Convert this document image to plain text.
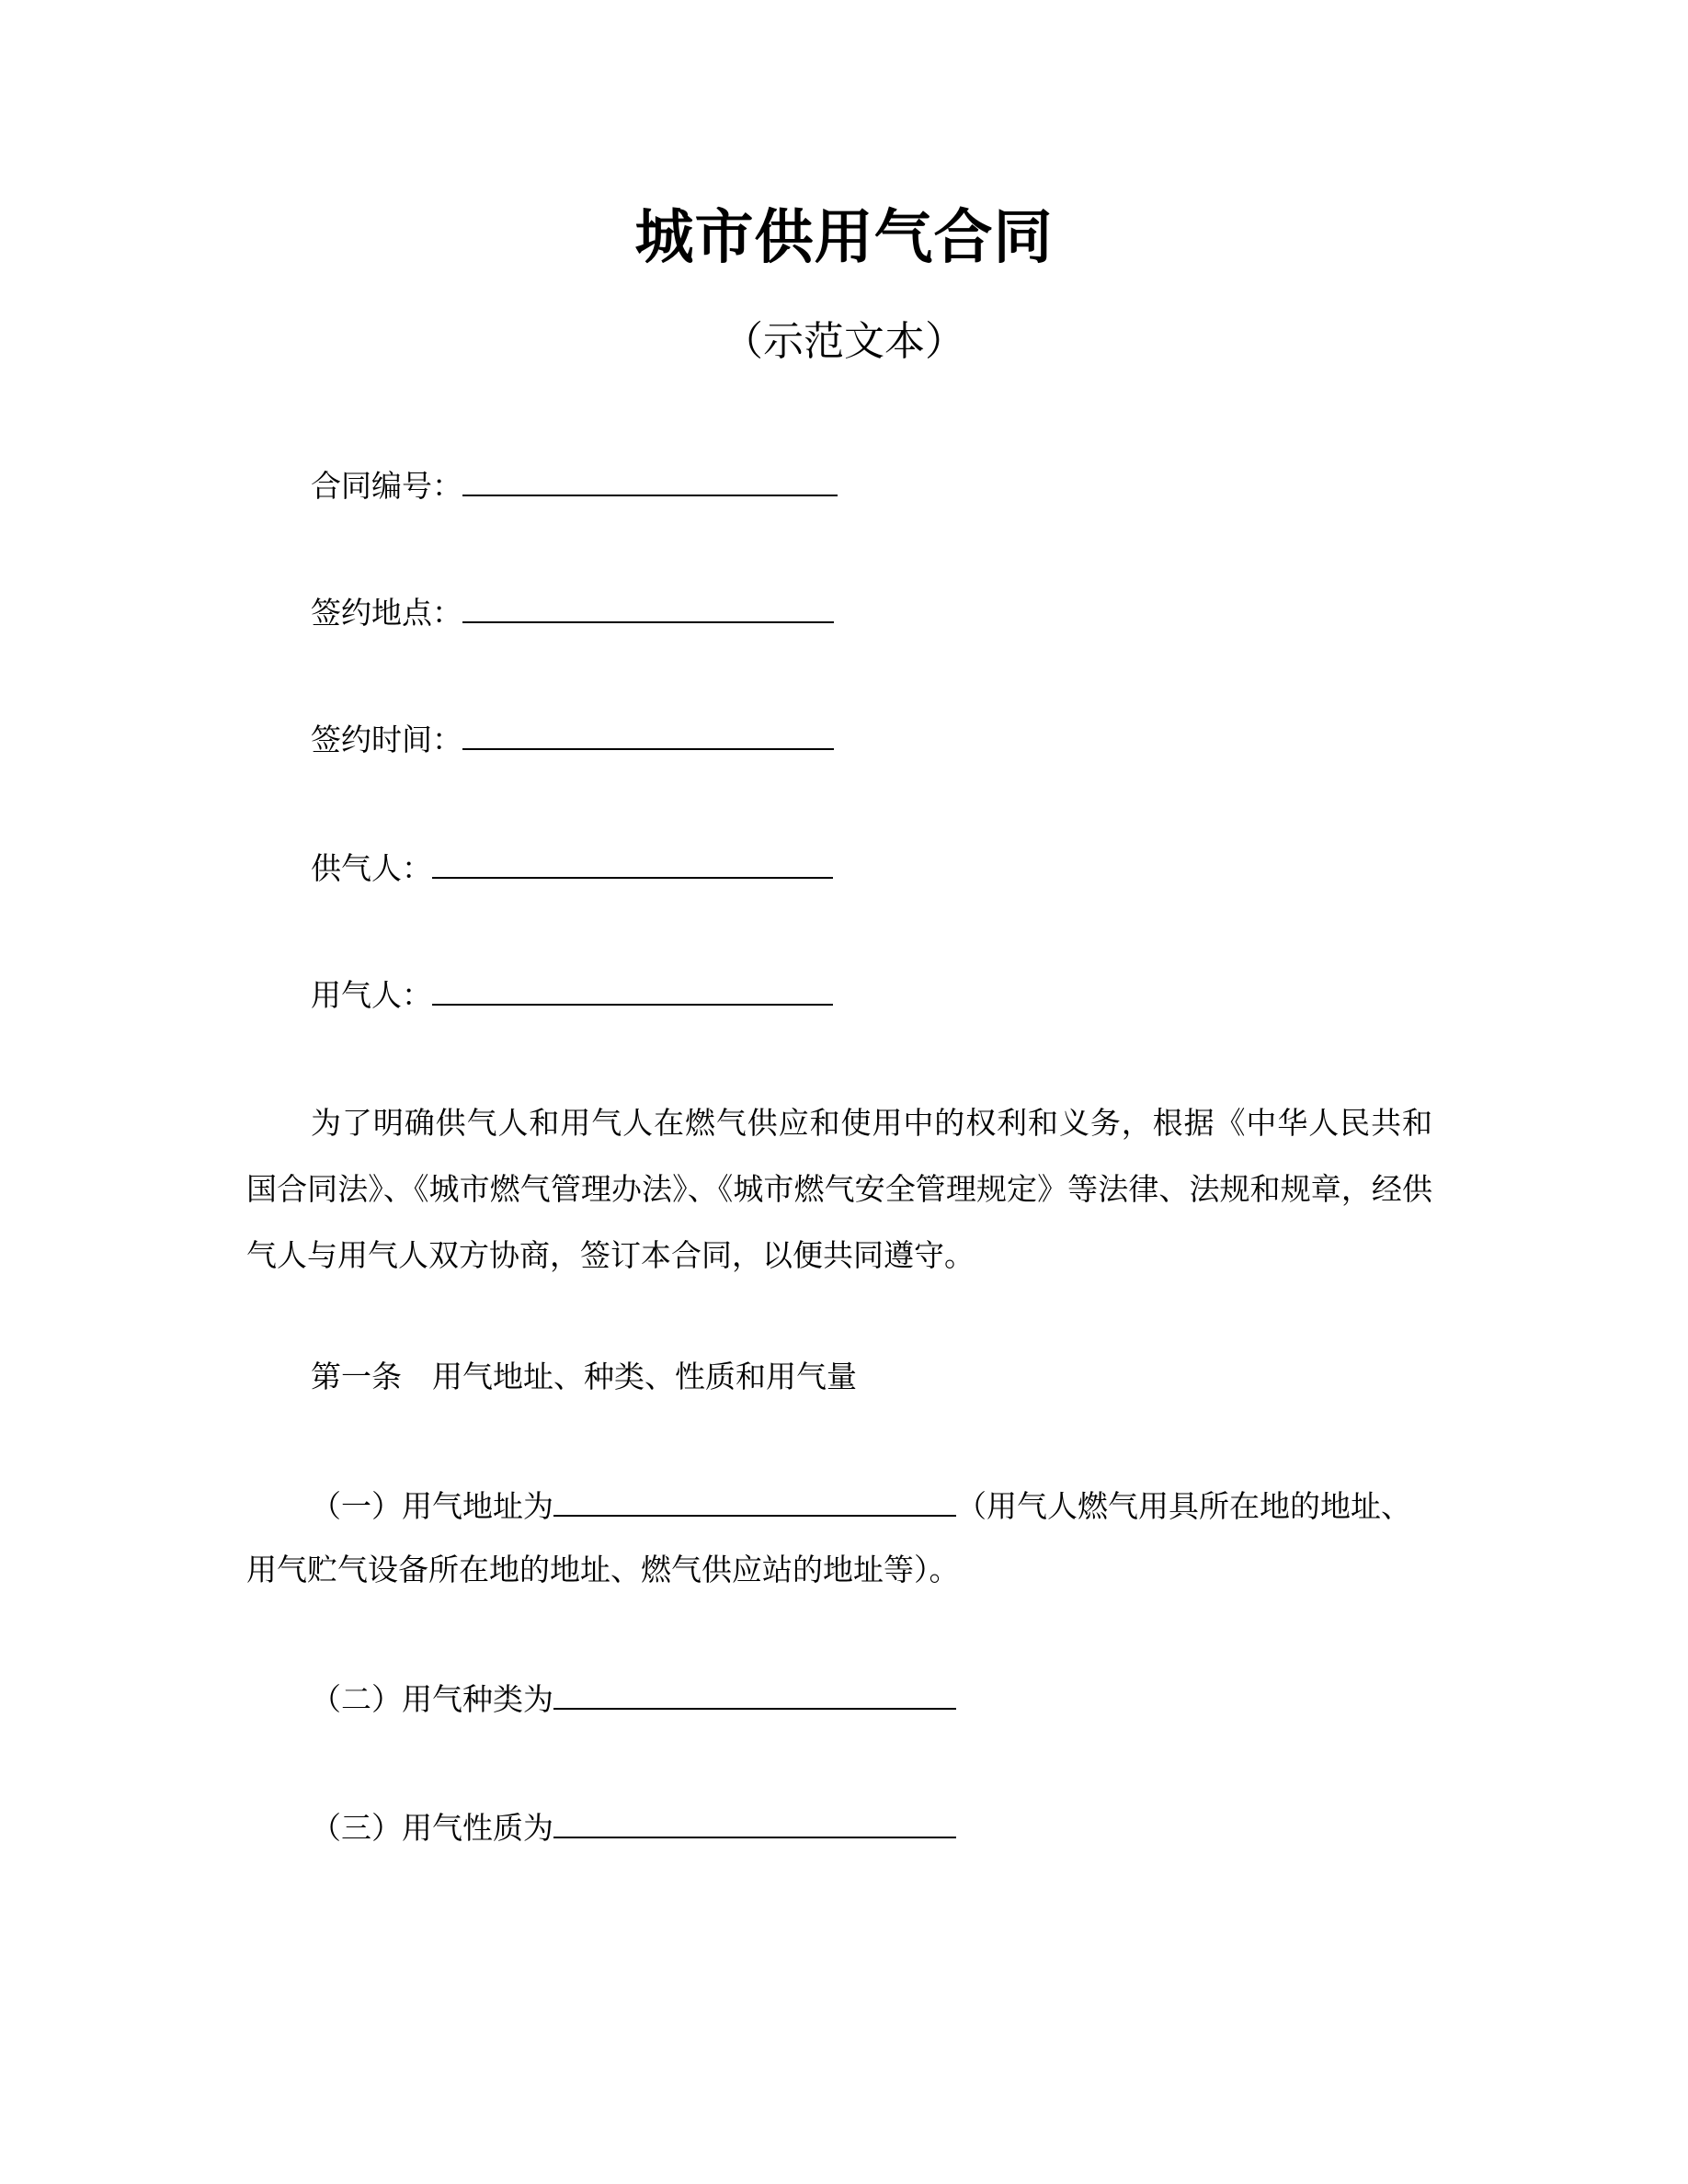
城市供用气合同
（示范文本）
合同编号：
签约地点：
签约时间：
供气人：
用气人：
为了明确供气人和用气人在燃气供应和使用中的权利和义务，根据《中华人民共和国合同法》、《城市燃气管理办法》、《城市燃气安全管理规定》等法律、法规和规章，经供气人与用气人双方协商，签订本合同，以便共同遵守。
第一条　用气地址、种类、性质和用气量
（一）用气地址为	（用气人燃气用具所在地的地址、
用气贮气设备所在地的地址、燃气供应站的地址等）。
（二）用气种类为
（三）用气性质为
